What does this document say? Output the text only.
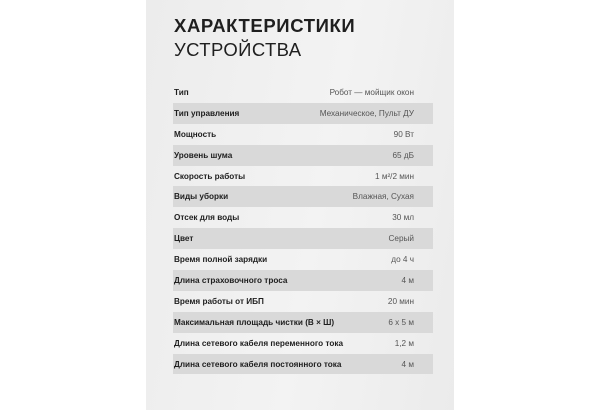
ХАРАКТЕРИСТИКИ
УСТРОЙСТВА
Тип	Робот — мойщик окон
Тип управления	Механическое, Пульт ДУ
Мощность	90 Вт
Уровень шума	65 дБ
Скорость работы	1 м²/2 мин
Виды уборки	Влажная, Сухая
Отсек для воды	30 мл
Цвет	Серый
Время полной зарядки	до 4 ч
Длина страховочного троса	4 м
Время работы от ИБП	20 мин
Максимальная площадь чистки (В × Ш)	6 х 5 м
Длина сетевого кабеля переменного тока	1,2 м
Длина сетевого кабеля постоянного тока	4 м
